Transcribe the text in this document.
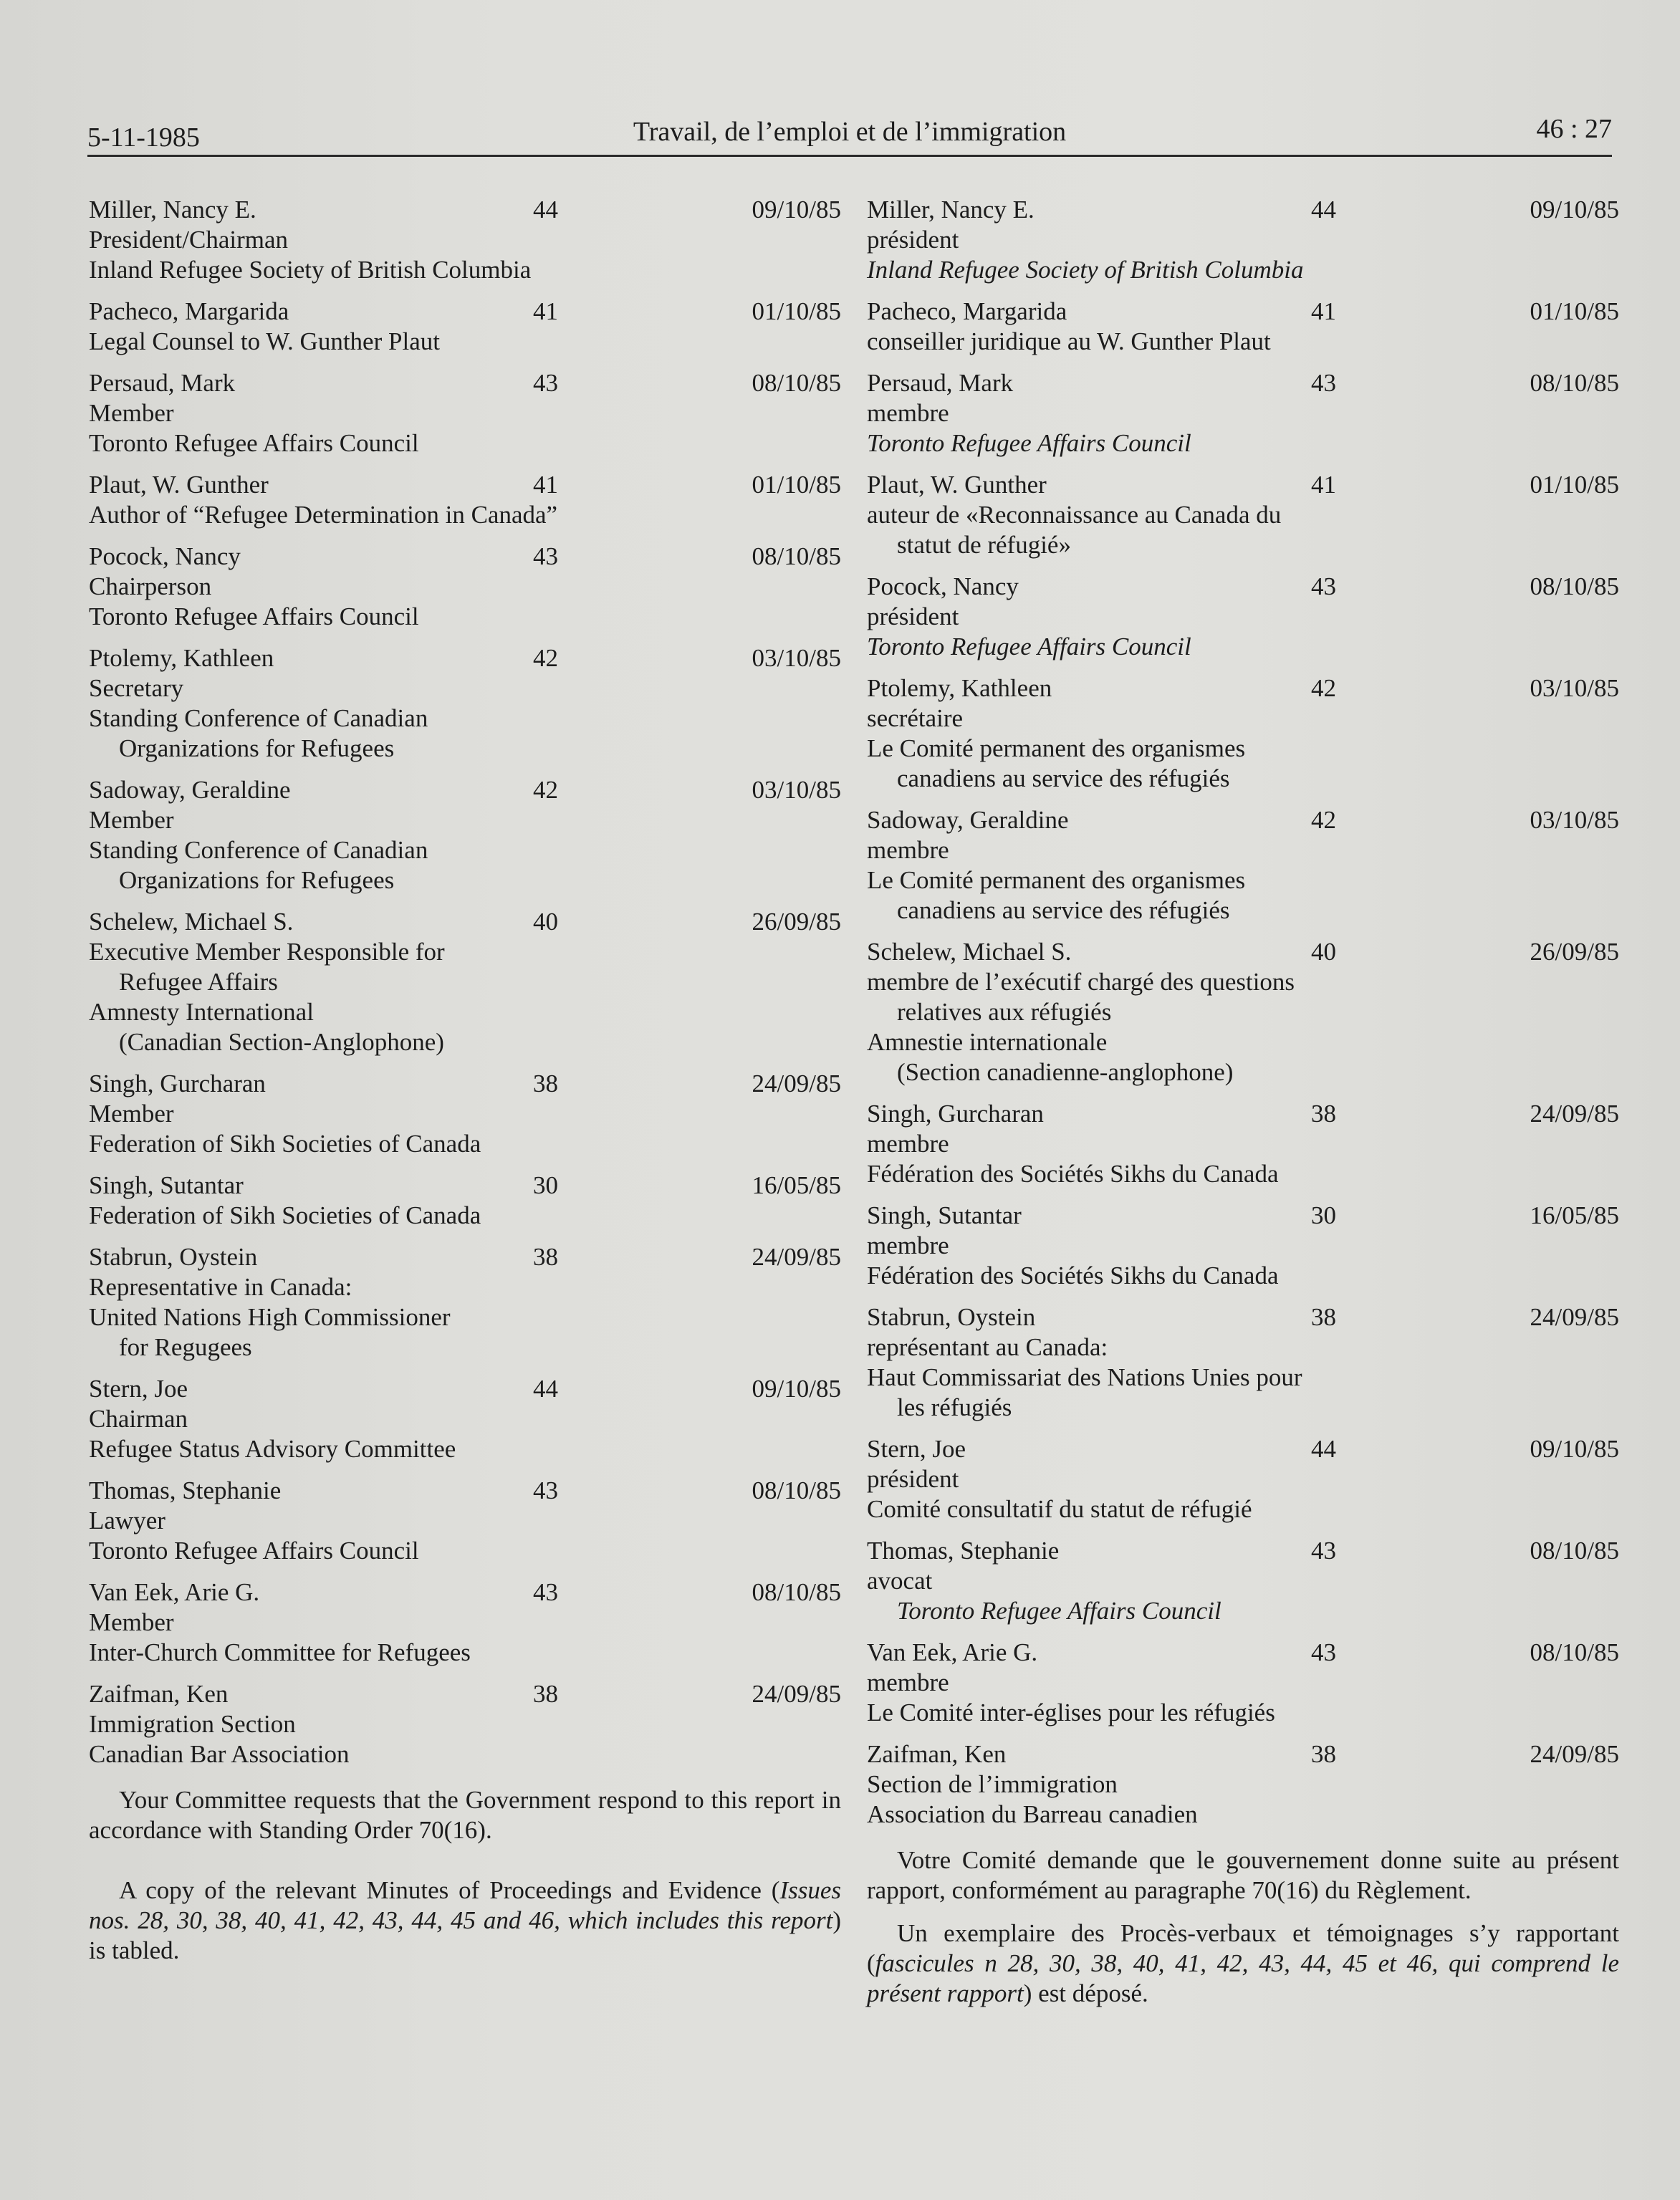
5-11-1985	Travail, de l’emploi et de l’immigration	46 : 27
Miller, Nancy E.	44	09/10/85
President/Chairman
Inland Refugee Society of British Columbia
Pacheco, Margarida	41	01/10/85
Legal Counsel to W. Gunther Plaut
Persaud, Mark	43	08/10/85
Member
Toronto Refugee Affairs Council
Plaut, W. Gunther	41	01/10/85
Author of “Refugee Determination in Canada”
Pocock, Nancy	43	08/10/85
Chairperson
Toronto Refugee Affairs Council
Ptolemy, Kathleen	42	03/10/85
Secretary
Standing Conference of Canadian
Organizations for Refugees
Sadoway, Geraldine	42	03/10/85
Member
Standing Conference of Canadian
Organizations for Refugees
Schelew, Michael S.	40	26/09/85
Executive Member Responsible for
Refugee Affairs
Amnesty International
(Canadian Section-Anglophone)
Singh, Gurcharan	38	24/09/85
Member
Federation of Sikh Societies of Canada
Singh, Sutantar	30	16/05/85
Federation of Sikh Societies of Canada
Stabrun, Oystein	38	24/09/85
Representative in Canada:
United Nations High Commissioner
for Regugees
Stern, Joe	44	09/10/85
Chairman
Refugee Status Advisory Committee
Thomas, Stephanie	43	08/10/85
Lawyer
Toronto Refugee Affairs Council
Van Eek, Arie G.	43	08/10/85
Member
Inter-Church Committee for Refugees
Zaifman, Ken	38	24/09/85
Immigration Section
Canadian Bar Association
Your Committee requests that the Government respond to this report in accordance with Standing Order 70(16).
A copy of the relevant Minutes of Proceedings and Evidence (Issues nos. 28, 30, 38, 40, 41, 42, 43, 44, 45 and 46, which includes this report) is tabled.
Miller, Nancy E.	44	09/10/85
président
Inland Refugee Society of British Columbia
Pacheco, Margarida	41	01/10/85
conseiller juridique au W. Gunther Plaut
Persaud, Mark	43	08/10/85
membre
Toronto Refugee Affairs Council
Plaut, W. Gunther	41	01/10/85
auteur de «Reconnaissance au Canada du
statut de réfugié»
Pocock, Nancy	43	08/10/85
président
Toronto Refugee Affairs Council
Ptolemy, Kathleen	42	03/10/85
secrétaire
Le Comité permanent des organismes
canadiens au service des réfugiés
Sadoway, Geraldine	42	03/10/85
membre
Le Comité permanent des organismes
canadiens au service des réfugiés
Schelew, Michael S.	40	26/09/85
membre de l’exécutif chargé des questions
relatives aux réfugiés
Amnestie internationale
(Section canadienne-anglophone)
Singh, Gurcharan	38	24/09/85
membre
Fédération des Sociétés Sikhs du Canada
Singh, Sutantar	30	16/05/85
membre
Fédération des Sociétés Sikhs du Canada
Stabrun, Oystein	38	24/09/85
représentant au Canada:
Haut Commissariat des Nations Unies pour
les réfugiés
Stern, Joe	44	09/10/85
président
Comité consultatif du statut de réfugié
Thomas, Stephanie	43	08/10/85
avocat
Toronto Refugee Affairs Council
Van Eek, Arie G.	43	08/10/85
membre
Le Comité inter-églises pour les réfugiés
Zaifman, Ken	38	24/09/85
Section de l’immigration
Association du Barreau canadien
Votre Comité demande que le gouvernement donne suite au présent rapport, conformément au paragraphe 70(16) du Règlement.
Un exemplaire des Procès-verbaux et témoignages s’y rapportant (fascicules n 28, 30, 38, 40, 41, 42, 43, 44, 45 et 46, qui comprend le présent rapport) est déposé.
